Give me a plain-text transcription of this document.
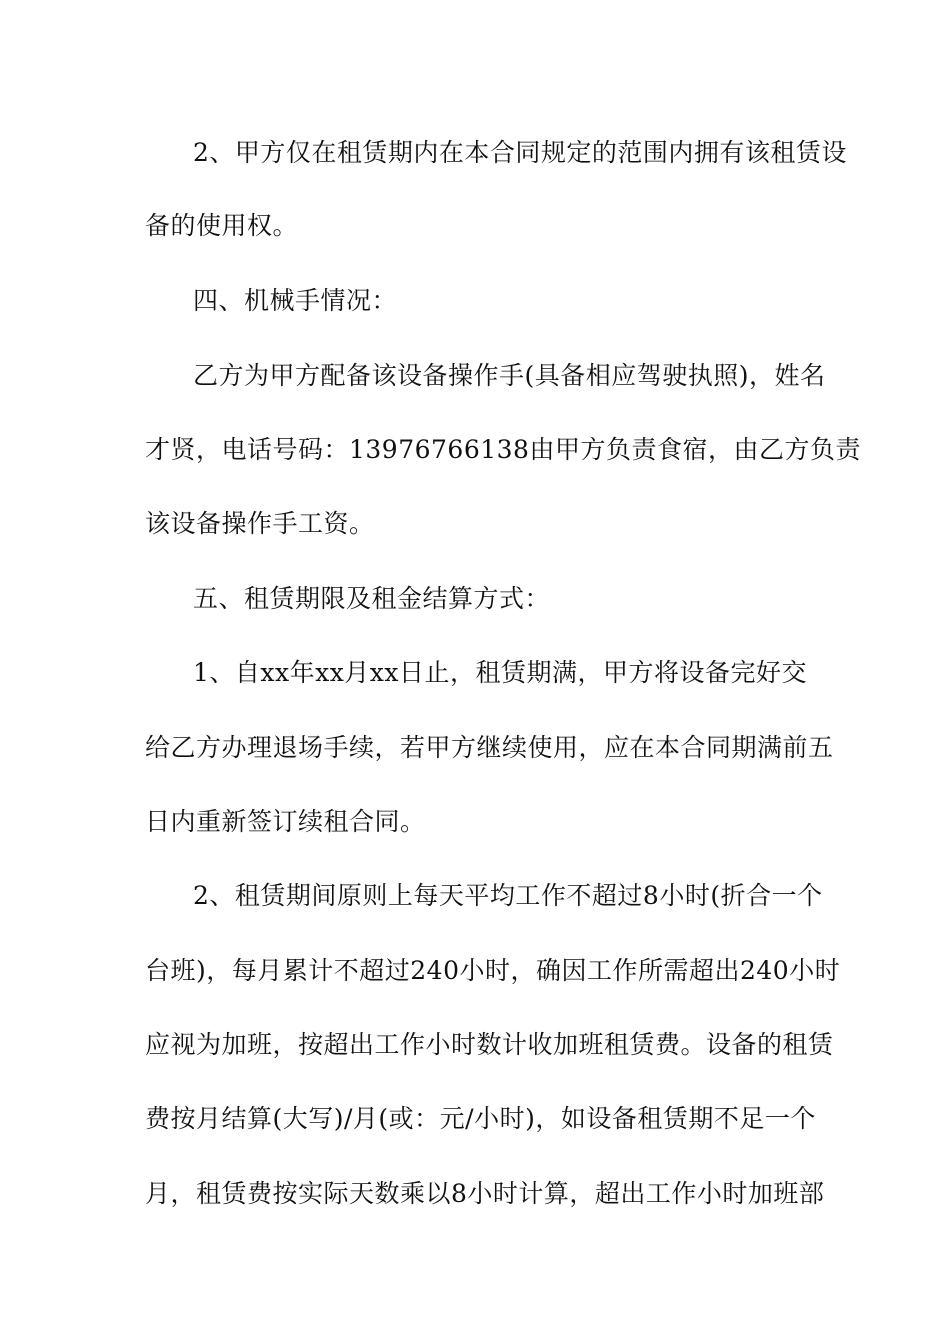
2、甲方仅在租赁期内在本合同规定的范围内拥有该租赁设
备的使用权。
四、机械手情况：
乙方为甲方配备该设备操作手(具备相应驾驶执照)，姓名
才贤，电话号码：13976766138由甲方负责食宿，由乙方负责
该设备操作手工资。
五、租赁期限及租金结算方式：
1、自xx年xx月xx日止，租赁期满，甲方将设备完好交
给乙方办理退场手续，若甲方继续使用，应在本合同期满前五
日内重新签订续租合同。
2、租赁期间原则上每天平均工作不超过8小时(折合一个
台班)，每月累计不超过240小时，确因工作所需超出240小时
应视为加班，按超出工作小时数计收加班租赁费。设备的租赁
费按月结算(大写)/月(或：元/小时)，如设备租赁期不足一个
月，租赁费按实际天数乘以8小时计算，超出工作小时加班部
